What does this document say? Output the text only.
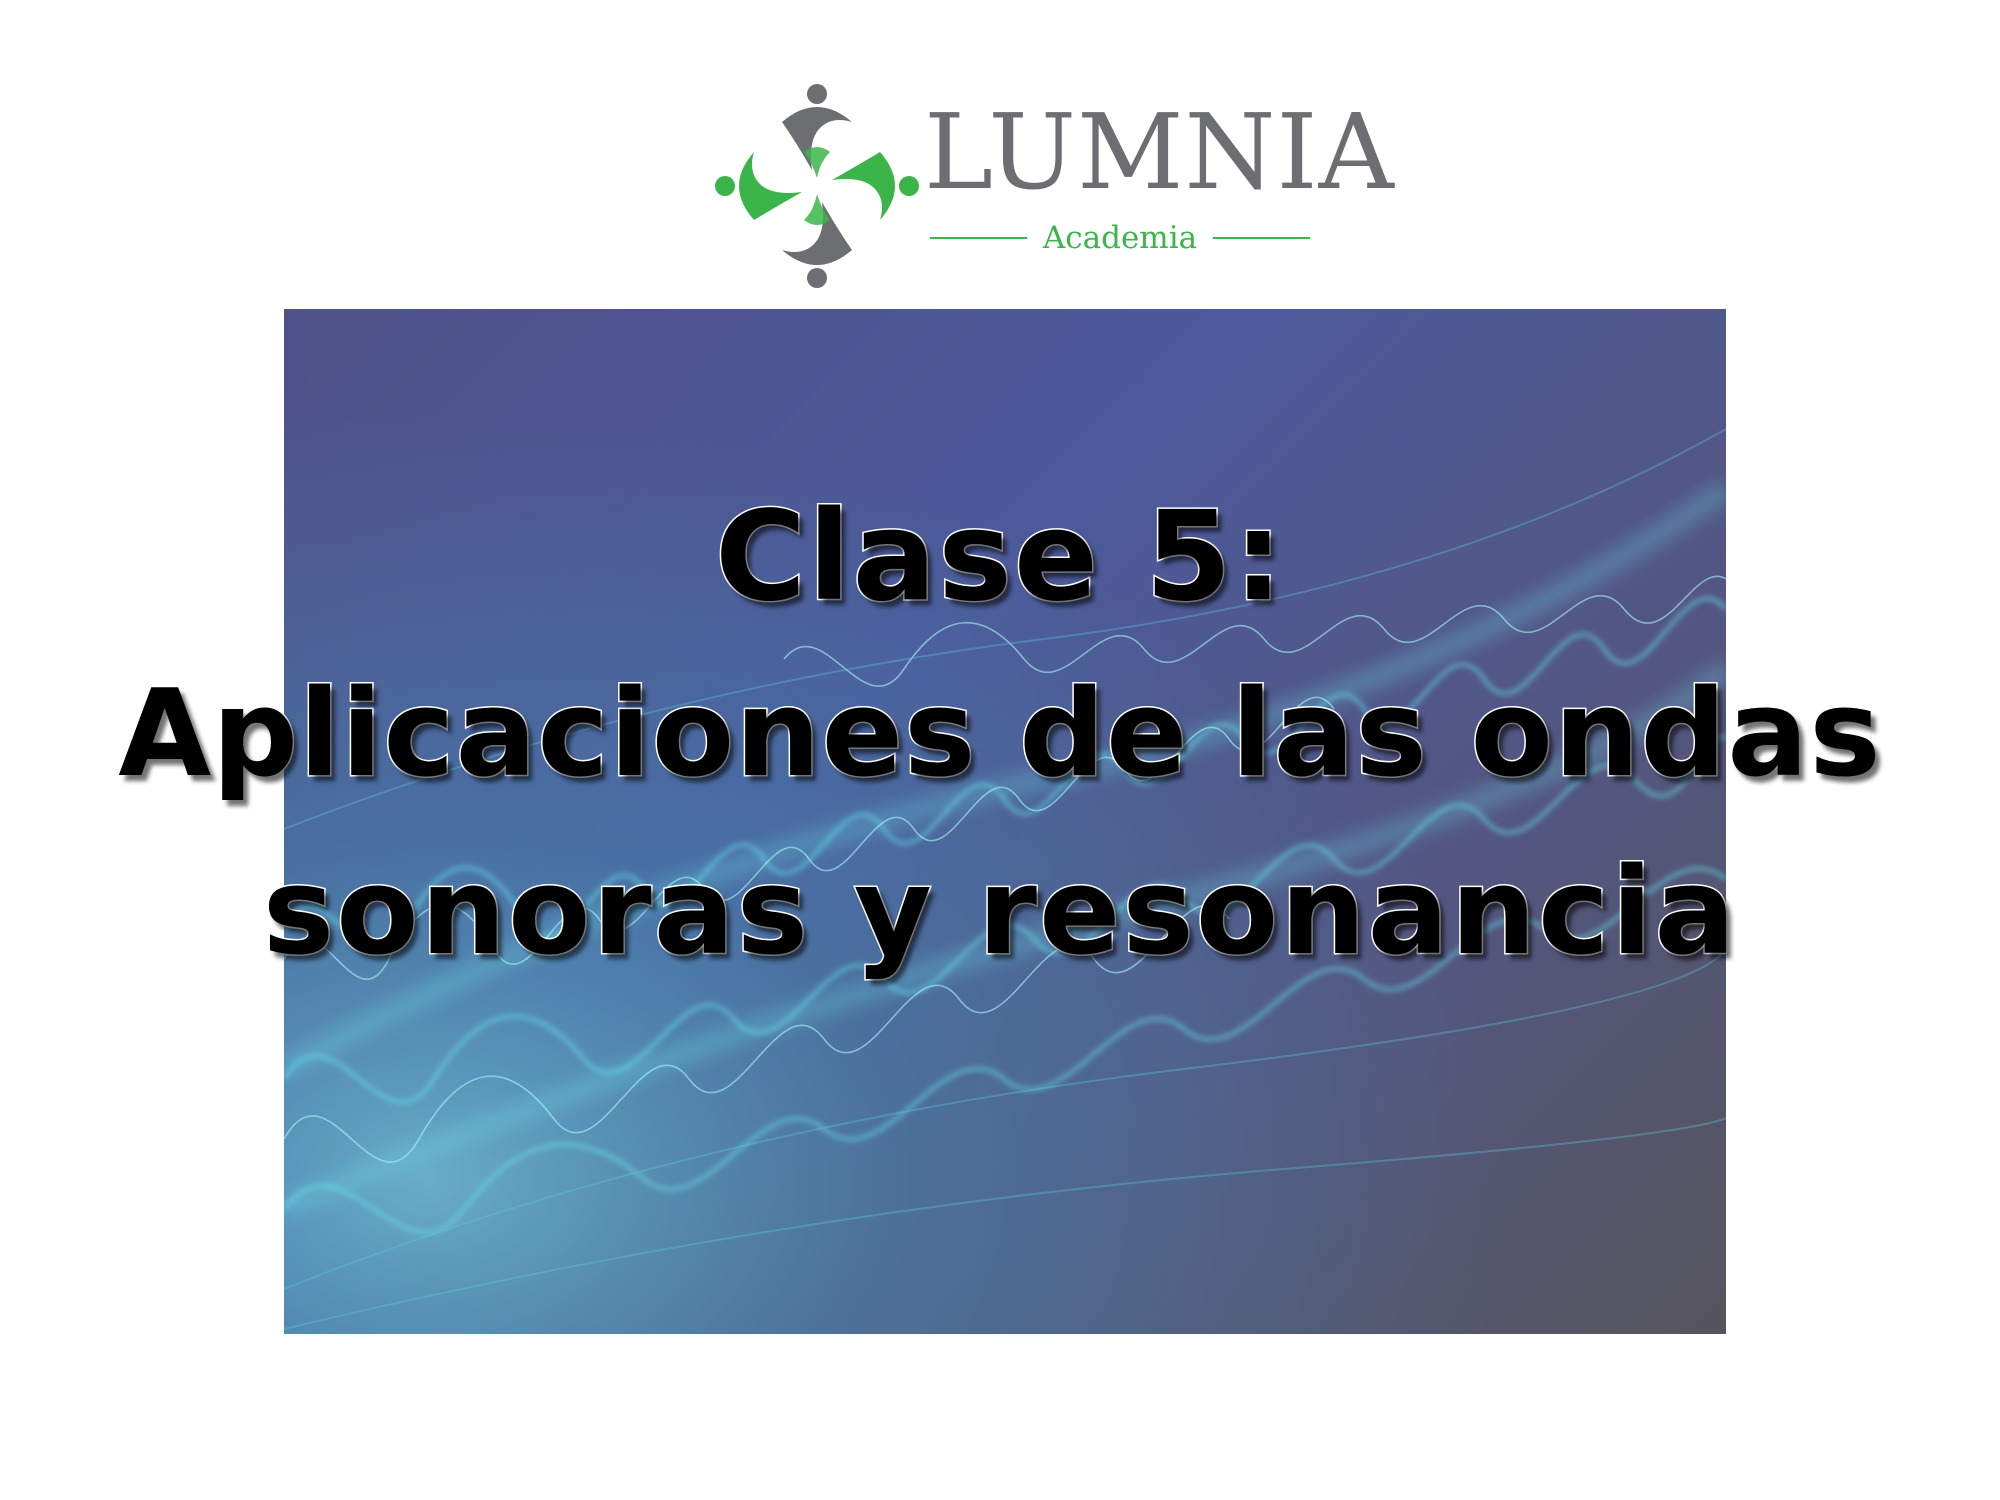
LUMNIA
Academia
Clase 5:
Aplicaciones de las ondas
sonoras y resonancia
